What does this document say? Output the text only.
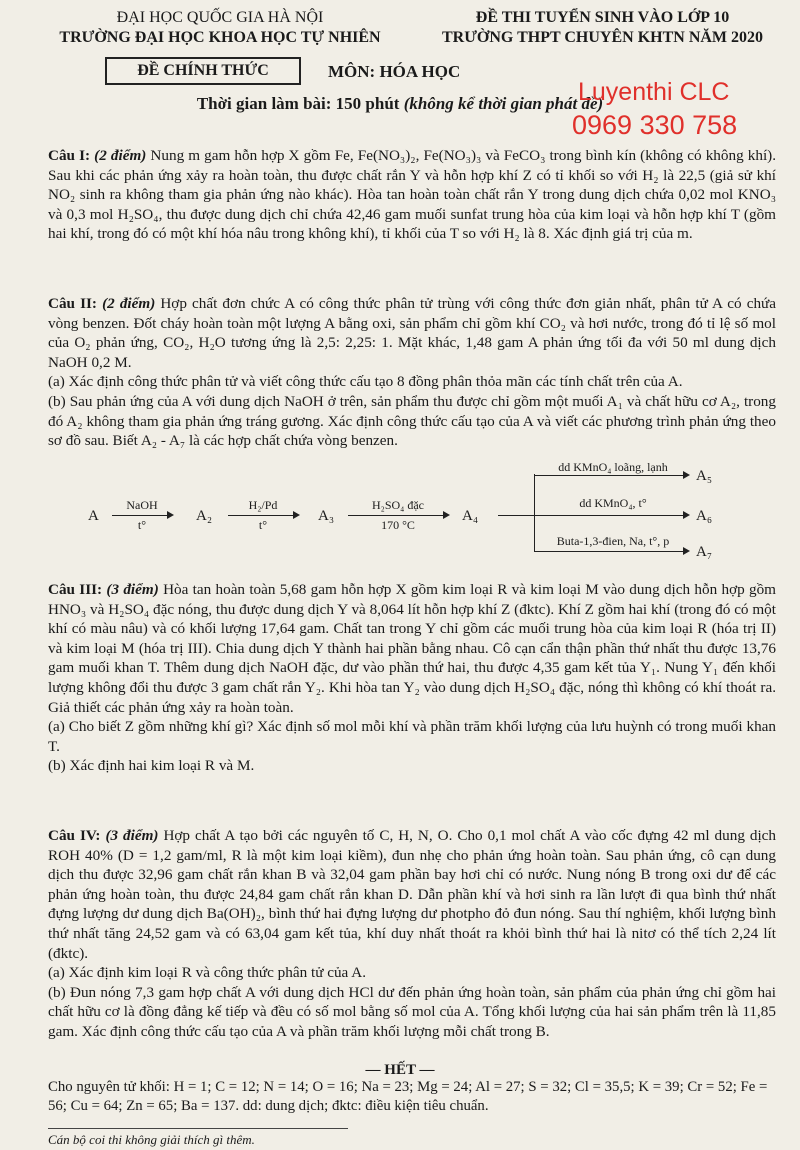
ĐẠI HỌC QUỐC GIA HÀ NỘI
TRƯỜNG ĐẠI HỌC KHOA HỌC TỰ NHIÊN
ĐỀ THI TUYỂN SINH VÀO LỚP 10
TRƯỜNG THPT CHUYÊN KHTN NĂM 2020
ĐỀ CHÍNH THỨC	MÔN: HÓA HỌC
Thời gian làm bài: 150 phút (không kể thời gian phát đề)
Luyenthi CLC
0969 330 758

Câu I: (2 điểm) Nung m gam hỗn hợp X gồm Fe, Fe(NO₃)₂, Fe(NO₃)₃ và FeCO₃ trong bình kín (không có không khí). Sau khi các phản ứng xảy ra hoàn toàn, thu được chất rắn Y và hỗn hợp khí Z có tỉ khối so với H₂ là 22,5 (giả sử khí NO₂ sinh ra không tham gia phản ứng nào khác). Hòa tan hoàn toàn chất rắn Y trong dung dịch chứa 0,02 mol KNO₃ và 0,3 mol H₂SO₄, thu được dung dịch chỉ chứa 42,46 gam muối sunfat trung hòa của kim loại và hỗn hợp khí T (gồm hai khí, trong đó có một khí hóa nâu trong không khí), tỉ khối của T so với H₂ là 8. Xác định giá trị của m.

Câu II: (2 điểm) Hợp chất đơn chức A có công thức phân tử trùng với công thức đơn giản nhất, phân tử A có chứa vòng benzen. Đốt cháy hoàn toàn một lượng A bằng oxi, sản phẩm chỉ gồm khí CO₂ và hơi nước, trong đó tỉ lệ số mol của O₂ phản ứng, CO₂, H₂O tương ứng là 2,5: 2,25: 1. Mặt khác, 1,48 gam A phản ứng tối đa với 50 ml dung dịch NaOH 0,2 M.

(a) Xác định công thức phân tử và viết công thức cấu tạo 8 đồng phân thỏa mãn các tính chất trên của A.

(b) Sau phản ứng của A với dung dịch NaOH ở trên, sản phẩm thu được chỉ gồm một muối A₁ và chất hữu cơ A₂, trong đó A₂ không tham gia phản ứng tráng gương. Xác định công thức cấu tạo của A và viết các phương trình phản ứng theo sơ đồ sau. Biết A₂ - A₇ là các hợp chất chứa vòng benzen.

A
NaOH
t°
A₂
H₂/Pd
t°
A₃
H₂SO₄ đặc
170 °C
A₄
dd KMnO₄ loãng, lạnh
A₅
dd KMnO₄, t°
A₆
Buta-1,3-đien, Na, t°, p
A₇

Câu III: (3 điểm) Hòa tan hoàn toàn 5,68 gam hỗn hợp X gồm kim loại R và kim loại M vào dung dịch hỗn hợp gồm HNO₃ và H₂SO₄ đặc nóng, thu được dung dịch Y và 8,064 lít hỗn hợp khí Z (đktc). Khí Z gồm hai khí (trong đó có một khí có màu nâu) và có khối lượng 17,64 gam. Chất tan trong Y chỉ gồm các muối trung hòa của kim loại R (hóa trị II) và kim loại M (hóa trị III). Chia dung dịch Y thành hai phần bằng nhau. Cô cạn cẩn thận phần thứ nhất thu được 13,76 gam muối khan T. Thêm dung dịch NaOH đặc, dư vào phần thứ hai, thu được 4,35 gam kết tủa Y₁. Nung Y₁ đến khối lượng không đổi thu được 3 gam chất rắn Y₂. Khi hòa tan Y₂ vào dung dịch H₂SO₄ đặc, nóng thì không có khí thoát ra. Giả thiết các phản ứng xảy ra hoàn toàn.

(a) Cho biết Z gồm những khí gì? Xác định số mol mỗi khí và phần trăm khối lượng của lưu huỳnh có trong muối khan T.

(b) Xác định hai kim loại R và M.

Câu IV: (3 điểm) Hợp chất A tạo bởi các nguyên tố C, H, N, O. Cho 0,1 mol chất A vào cốc đựng 42 ml dung dịch ROH 40% (D = 1,2 gam/ml, R là một kim loại kiềm), đun nhẹ cho phản ứng hoàn toàn. Sau phản ứng, cô cạn dung dịch thu được 32,96 gam chất rắn khan B và 32,04 gam phần bay hơi chỉ có nước. Nung nóng B trong oxi dư để các phản ứng hoàn toàn, thu được 24,84 gam chất rắn khan D. Dẫn phần khí và hơi sinh ra lần lượt đi qua bình thứ nhất đựng lượng dư dung dịch Ba(OH)₂, bình thứ hai đựng lượng dư photpho đỏ đun nóng. Sau thí nghiệm, khối lượng bình thứ nhất tăng 24,52 gam và có 63,04 gam kết tủa, khí duy nhất thoát ra khỏi bình thứ hai là nitơ có thể tích 2,24 lít (đktc).

(a) Xác định kim loại R và công thức phân tử của A.

(b) Đun nóng 7,3 gam hợp chất A với dung dịch HCl dư đến phản ứng hoàn toàn, sản phẩm của phản ứng chỉ gồm hai chất hữu cơ là đồng đẳng kế tiếp và đều có số mol bằng số mol của A. Tổng khối lượng của hai sản phẩm trên là 11,85 gam. Xác định công thức cấu tạo của A và phần trăm khối lượng mỗi chất trong B.

— HẾT —
Cho nguyên tử khối: H = 1; C = 12; N = 14; O = 16; Na = 23; Mg = 24; Al = 27; S = 32; Cl = 35,5; K = 39; Cr = 52; Fe = 56; Cu = 64; Zn = 65; Ba = 137. dd: dung dịch; đktc: điều kiện tiêu chuẩn.
Cán bộ coi thi không giải thích gì thêm.
